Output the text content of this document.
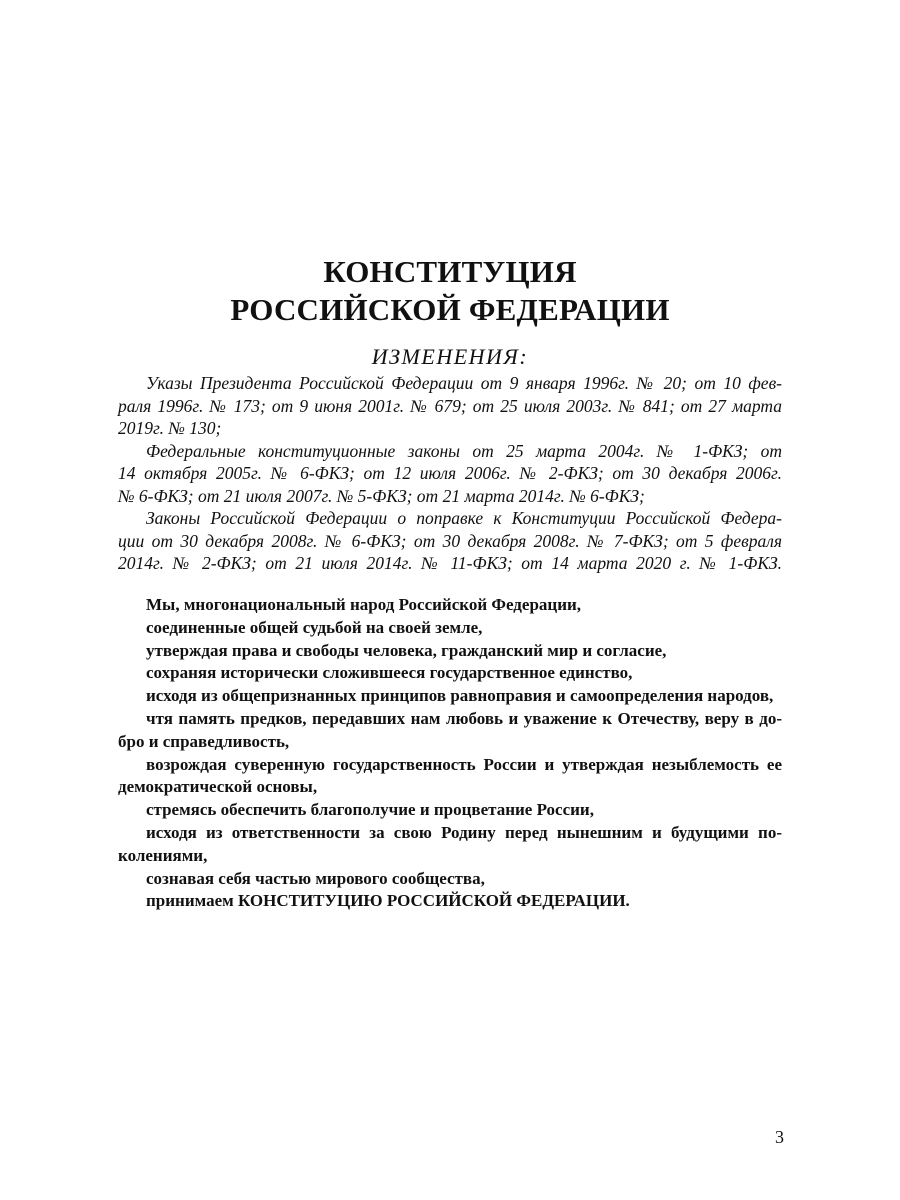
КОНСТИТУЦИЯ
РОССИЙСКОЙ ФЕДЕРАЦИИ
ИЗМЕНЕНИЯ:
Указы Президента Российской Федерации от 9 января 1996г. № 20; от 10 фев-
раля 1996г. № 173; от 9 июня 2001г. № 679; от 25 июля 2003г. № 841; от 27 марта
2019г. № 130;
Федеральные конституционные законы от 25 марта 2004г. № 1-ФКЗ; от
14 октября 2005г. № 6-ФКЗ; от 12 июля 2006г. № 2-ФКЗ; от 30 декабря 2006г.
№ 6-ФКЗ; от 21 июля 2007г. № 5-ФКЗ; от 21 марта 2014г. № 6-ФКЗ;
Законы Российской Федерации о поправке к Конституции Российской Федера-
ции от 30 декабря 2008г. № 6-ФКЗ; от 30 декабря 2008г. № 7-ФКЗ; от 5 февраля
2014г. № 2-ФКЗ; от 21 июля 2014г. № 11-ФКЗ; от 14 марта 2020 г. № 1-ФКЗ.
Мы, многонациональный народ Российской Федерации,
соединенные общей судьбой на своей земле,
утверждая права и свободы человека, гражданский мир и согласие,
сохраняя исторически сложившееся государственное единство,
исходя из общепризнанных принципов равноправия и самоопределения народов,
чтя память предков, передавших нам любовь и уважение к Отечеству, веру в до-
бро и справедливость,
возрождая суверенную государственность России и утверждая незыблемость ее
демократической основы,
стремясь обеспечить благополучие и процветание России,
исходя из ответственности за свою Родину перед нынешним и будущими по-
колениями,
сознавая себя частью мирового сообщества,
принимаем КОНСТИТУЦИЮ РОССИЙСКОЙ ФЕДЕРАЦИИ.
3
